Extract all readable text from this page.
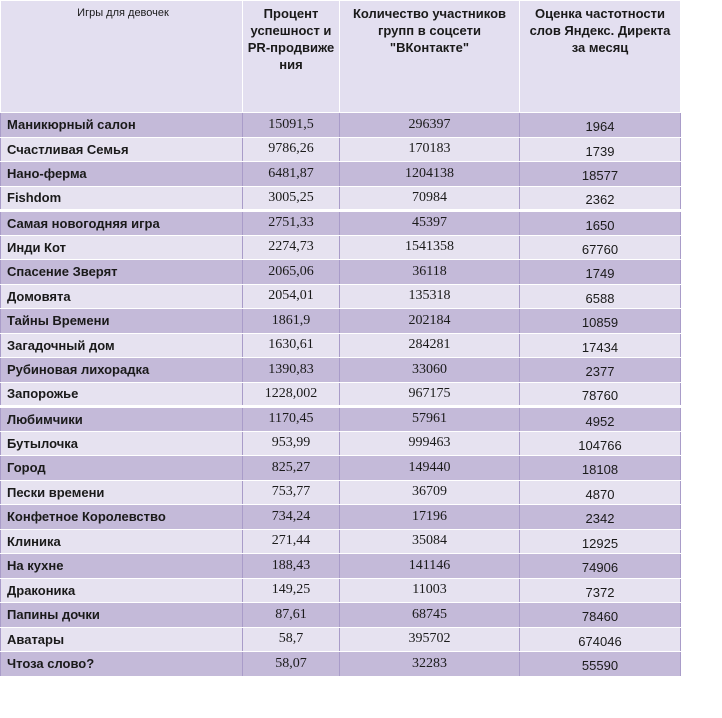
Игры для девочек	Процент успешност и PR-продвиже ния	Количество участников групп в соцсети "ВКонтакте"	Оценка частотности слов Яндекс. Директа за месяц
Маникюрный салон	15091,5	296397	1964
Счастливая Семья	9786,26	170183	1739
Нано-ферма	6481,87	1204138	18577
Fishdom	3005,25	70984	2362
Самая новогодняя игра	2751,33	45397	1650
Инди Кот	2274,73	1541358	67760
Спасение Зверят	2065,06	36118	1749
Домовята	2054,01	135318	6588
Тайны Времени	1861,9	202184	10859
Загадочный дом	1630,61	284281	17434
Рубиновая лихорадка	1390,83	33060	2377
Запорожье	1228,002	967175	78760
Любимчики	1170,45	57961	4952
Бутылочка	953,99	999463	104766
Город	825,27	149440	18108
Пески времени	753,77	36709	4870
Конфетное Королевство	734,24	17196	2342
Клиника	271,44	35084	12925
На кухне	188,43	141146	74906
Драконика	149,25	11003	7372
Папины дочки	87,61	68745	78460
Аватары	58,7	395702	674046
Чтоза слово?	58,07	32283	55590
